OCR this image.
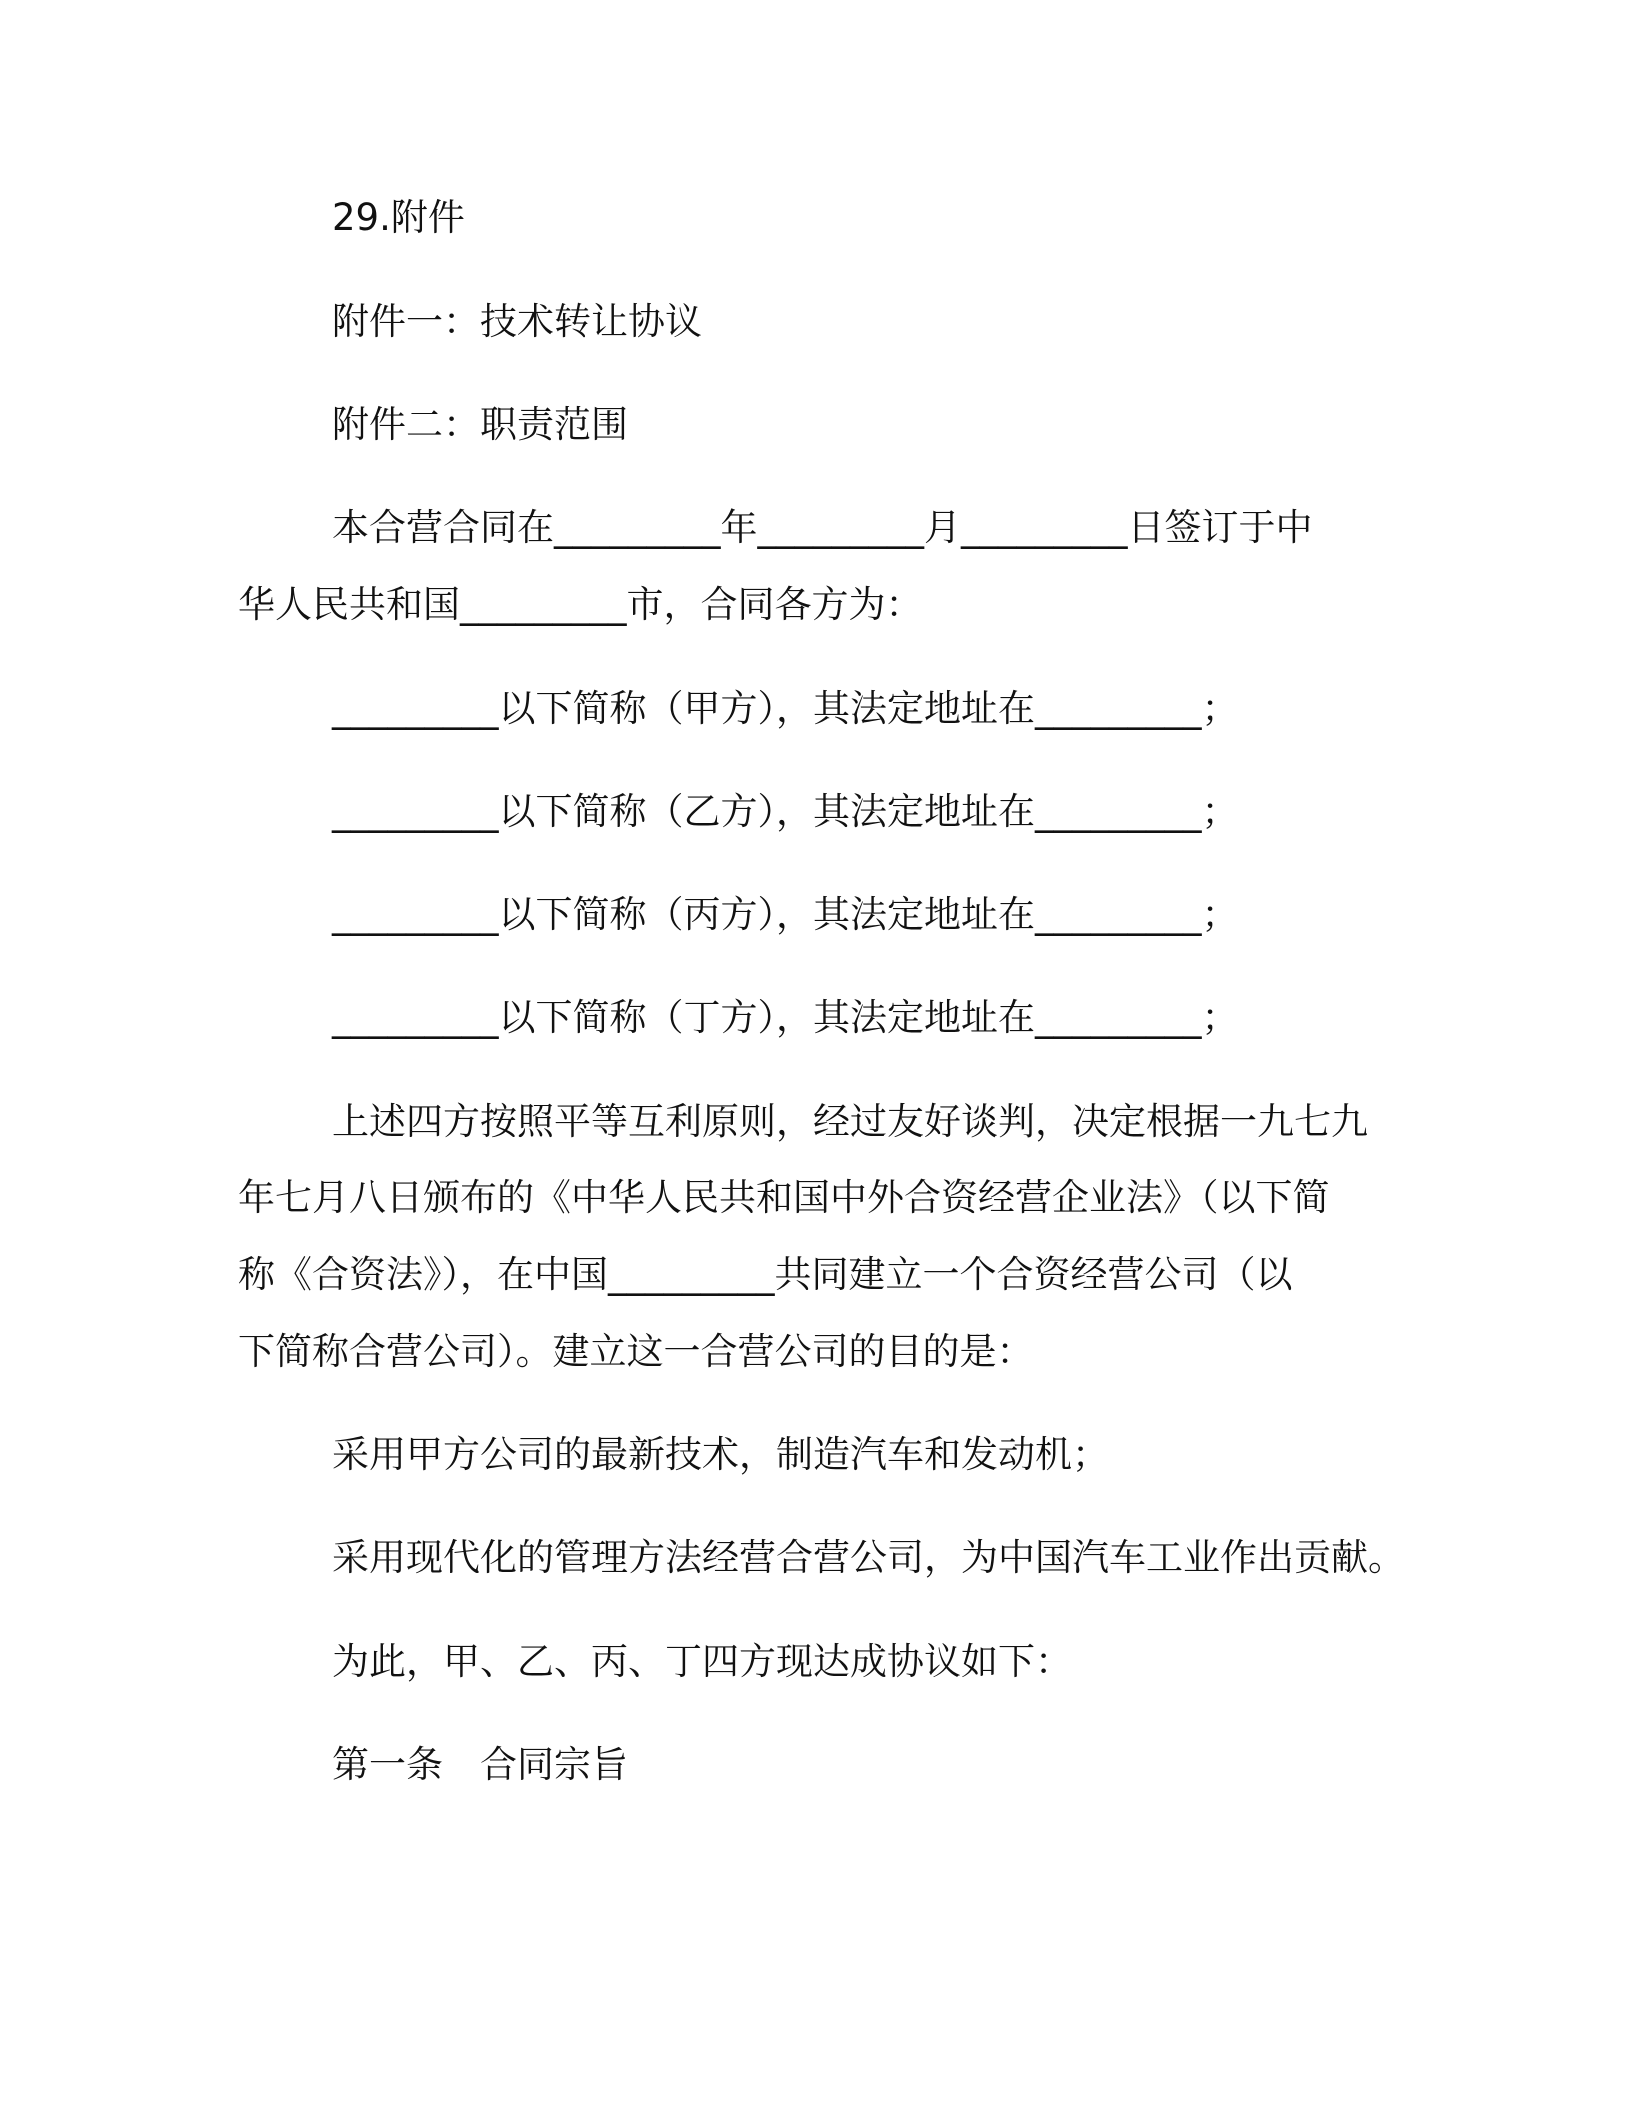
29.附件
附件一：技术转让协议
附件二：职责范围
本合营合同在_________年_________月_________日签订于中
华人民共和国_________市，合同各方为：
_________以下简称（甲方），其法定地址在_________；
_________以下简称（乙方），其法定地址在_________；
_________以下简称（丙方），其法定地址在_________；
_________以下简称（丁方），其法定地址在_________；
上述四方按照平等互利原则，经过友好谈判，决定根据一九七九
年七月八日颁布的《中华人民共和国中外合资经营企业法》（以下简
称《合资法》），在中国_________共同建立一个合资经营公司（以
下简称合营公司）。建立这一合营公司的目的是：
采用甲方公司的最新技术，制造汽车和发动机；
采用现代化的管理方法经营合营公司，为中国汽车工业作出贡献。
为此，甲、乙、丙、丁四方现达成协议如下：
第一条　合同宗旨
